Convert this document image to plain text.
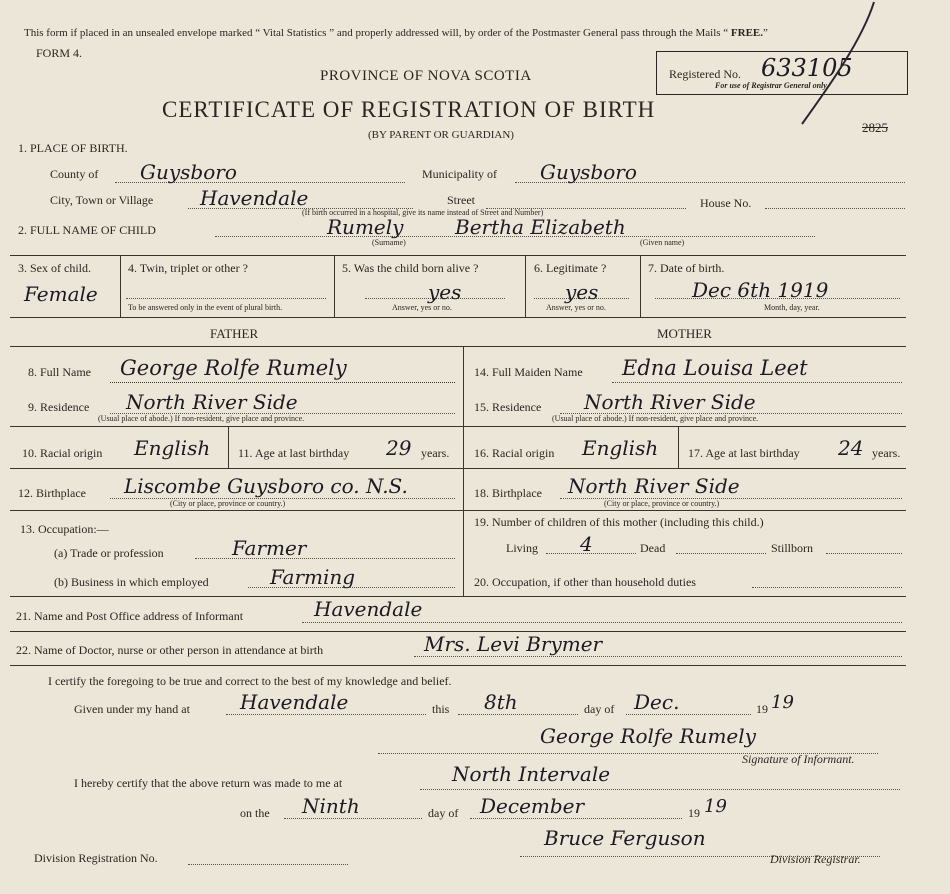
This form if placed in an unsealed envelope marked “ Vital Statistics ” and properly addressed will, by order of the Postmaster General pass through the Mails “ FREE.”
FORM 4.
PROVINCE OF NOVA SCOTIA
CERTIFICATE OF REGISTRATION OF BIRTH
(BY PARENT OR GUARDIAN)
Registered No. 633105
For use of Registrar General only.
2825
1. PLACE OF BIRTH.
County of Guysboro	Municipality of Guysboro
City, Town or Village Havendale	Street	House No.
(If birth occurred in a hospital, give its name instead of Street and Number)
2. FULL NAME OF CHILD	Rumely	Bertha Elizabeth
(Surname)	(Given name)
3. Sex of child.
Female
4. Twin, triplet or other ?
To be answered only in the event of plural birth.
5. Was the child born alive ?
yes
Answer, yes or no.
6. Legitimate ?
yes
Answer, yes or no.
7. Date of birth.
Dec 6th 1919
Month, day, year.
FATHER	MOTHER
8. Full Name George Rolfe Rumely
9. Residence North River Side
(Usual place of abode.) If non-resident, give place and province.
10. Racial origin English 11. Age at last birthday 29 years.
12. Birthplace Liscombe Guysboro co. N.S.
(City or place, province or country.)
13. Occupation:—
(a) Trade or profession	Farmer
(b) Business in which employed	Farming
14. Full Maiden Name Edna Louisa Leet
15. Residence North River Side
(Usual place of abode.) If non-resident, give place and province.
16. Racial origin English 17. Age at last birthday 24 years.
18. Birthplace North River Side
(City or place, province or country.)
19. Number of children of this mother (including this child.)
Living 4	Dead	Stillborn
20. Occupation, if other than household duties
21. Name and Post Office address of Informant	Havendale
22. Name of Doctor, nurse or other person in attendance at birth	Mrs. Levi Brymer
I certify the foregoing to be true and correct to the best of my knowledge and belief.
Given under my hand at	Havendale	this 8th	day of Dec.	19 19
George Rolfe Rumely
Signature of Informant.
I hereby certify that the above return was made to me at	North Intervale
on the Ninth	day of December	19 19
Division Registration No.
Bruce Ferguson
Division Registrar.
